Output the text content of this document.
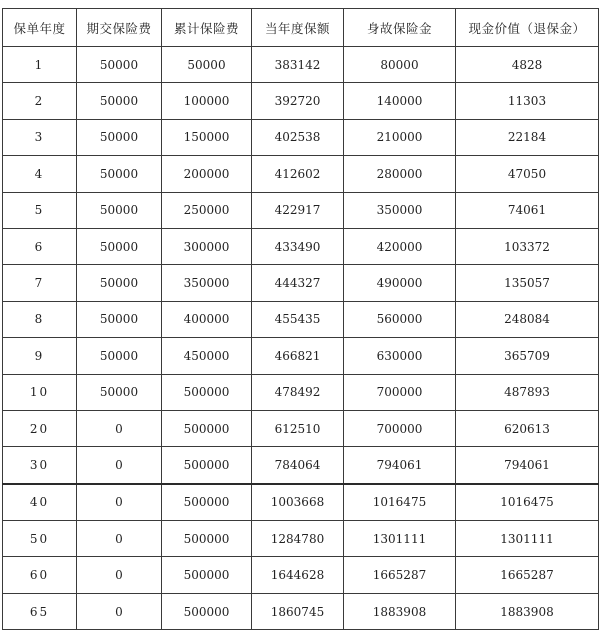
保单年度	期交保险费	累计保险费	当年度保额	身故保险金	现金价值（退保金）
1	50000	50000	383142	80000	4828
2	50000	100000	392720	140000	11303
3	50000	150000	402538	210000	22184
4	50000	200000	412602	280000	47050
5	50000	250000	422917	350000	74061
6	50000	300000	433490	420000	103372
7	50000	350000	444327	490000	135057
8	50000	400000	455435	560000	248084
9	50000	450000	466821	630000	365709
10	50000	500000	478492	700000	487893
20	0	500000	612510	700000	620613
30	0	500000	784064	794061	794061
40	0	500000	1003668	1016475	1016475
50	0	500000	1284780	1301111	1301111
60	0	500000	1644628	1665287	1665287
65	0	500000	1860745	1883908	1883908
